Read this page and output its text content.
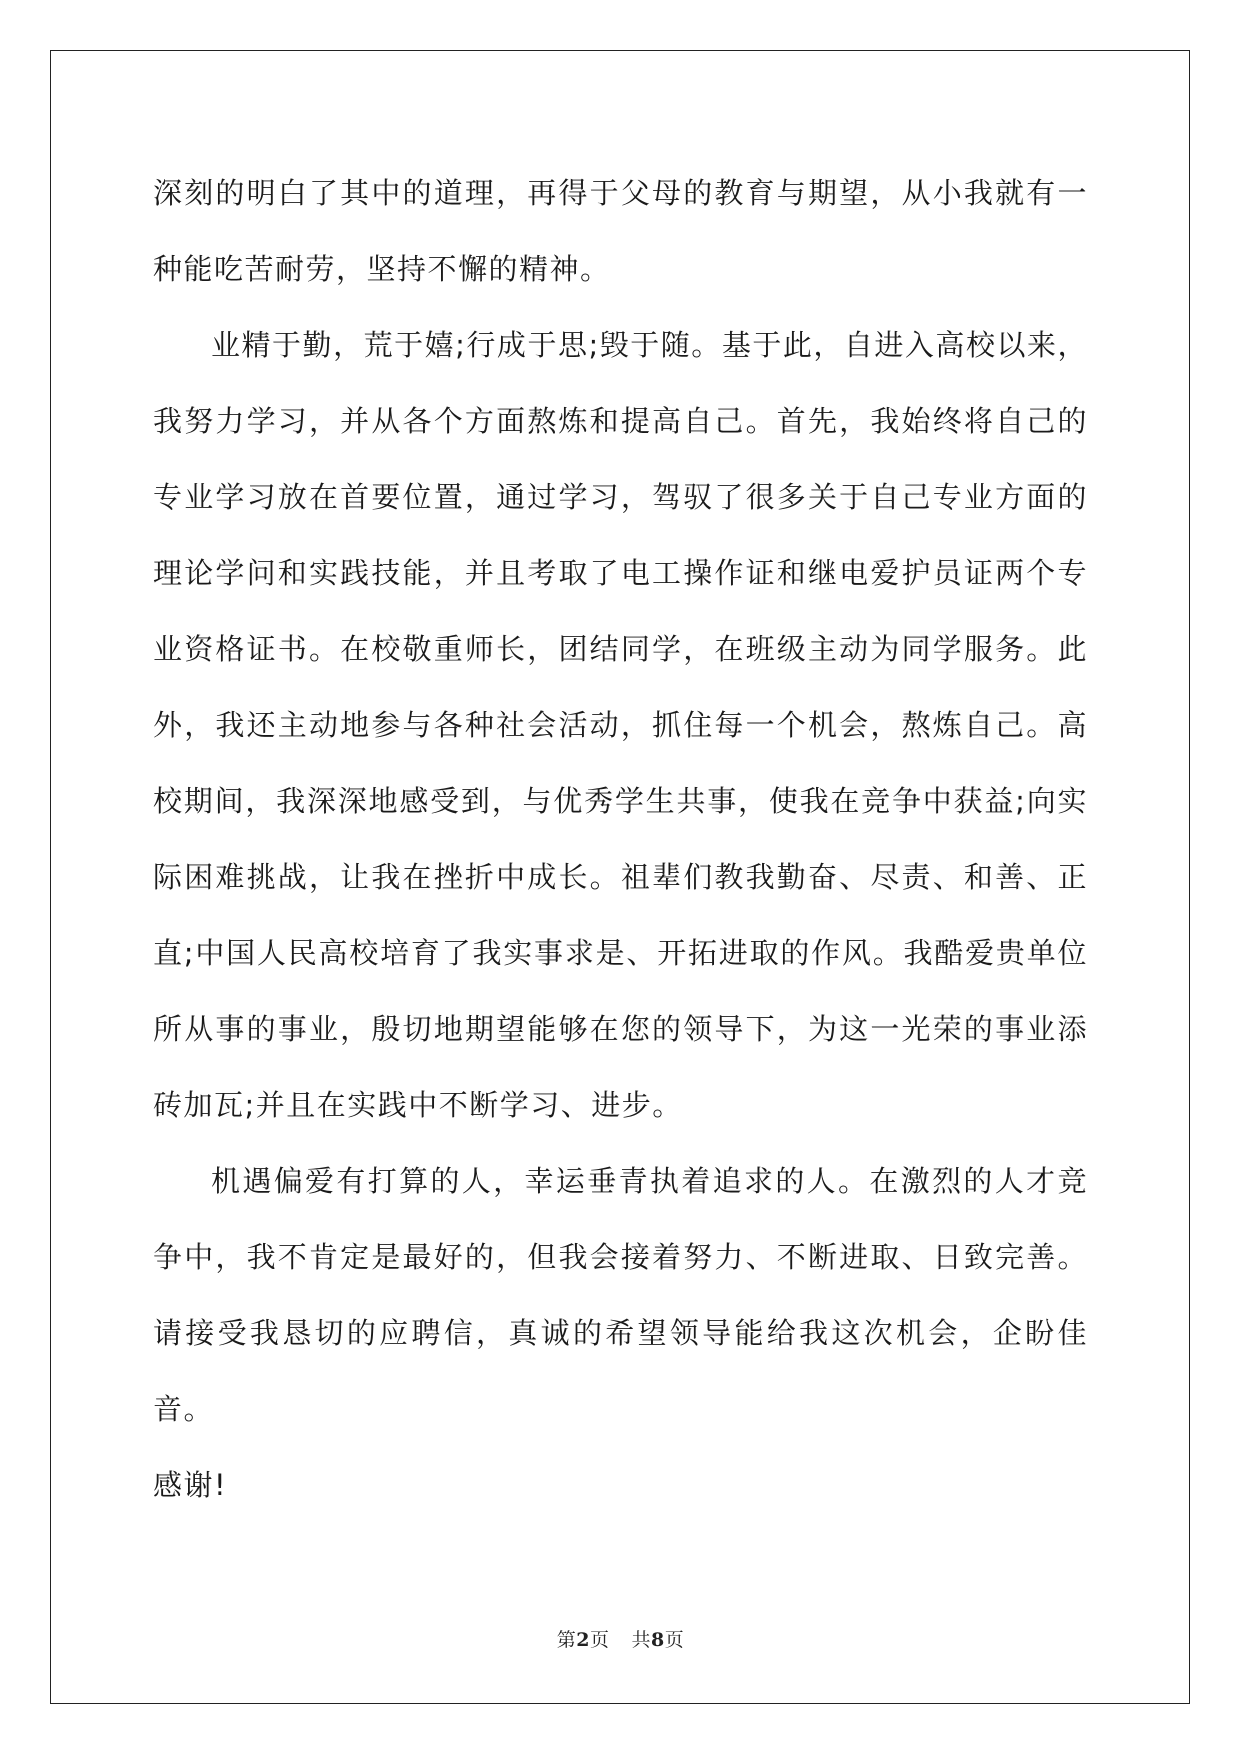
深刻的明白了其中的道理，再得于父母的教育与期望，从小我就有一种能吃苦耐劳，坚持不懈的精神。

业精于勤，荒于嬉;行成于思;毁于随。基于此，自进入高校以来，我努力学习，并从各个方面熬炼和提高自己。首先，我始终将自己的专业学习放在首要位置，通过学习，驾驭了很多关于自己专业方面的理论学问和实践技能，并且考取了电工操作证和继电爱护员证两个专业资格证书。在校敬重师长，团结同学，在班级主动为同学服务。此外，我还主动地参与各种社会活动，抓住每一个机会，熬炼自己。高校期间，我深深地感受到，与优秀学生共事，使我在竞争中获益;向实际困难挑战，让我在挫折中成长。祖辈们教我勤奋、尽责、和善、正直;中国人民高校培育了我实事求是、开拓进取的作风。我酷爱贵单位所从事的事业，殷切地期望能够在您的领导下，为这一光荣的事业添砖加瓦;并且在实践中不断学习、进步。

机遇偏爱有打算的人，幸运垂青执着追求的人。在激烈的人才竞争中，我不肯定是最好的，但我会接着努力、不断进取、日致完善。请接受我恳切的应聘信，真诚的希望领导能给我这次机会，企盼佳音。

感谢!

第2页 共8页
